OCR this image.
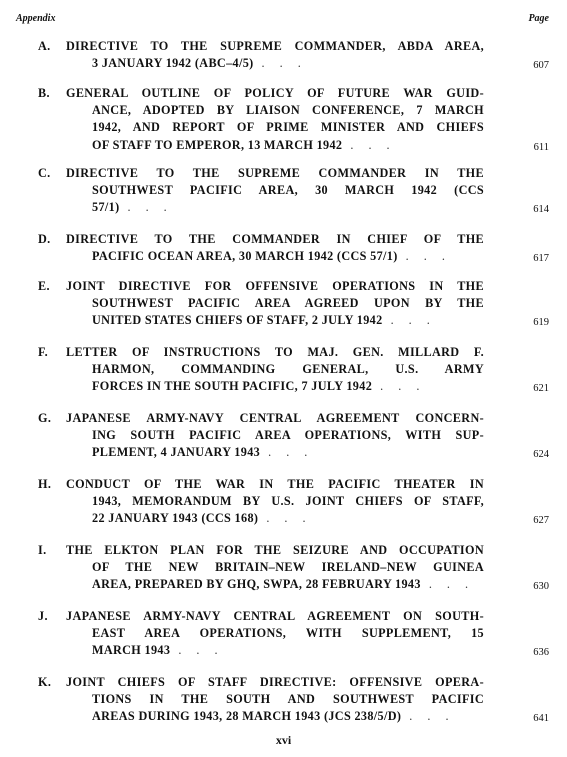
Appendix	Page
A.	DIRECTIVE TO THE SUPREME COMMANDER, ABDA AREA,
3 JANUARY 1942 (ABC–4/5) . . .	607
B.	GENERAL OUTLINE OF POLICY OF FUTURE WAR GUID-
ANCE, ADOPTED BY LIAISON CONFERENCE, 7 MARCH
1942, AND REPORT OF PRIME MINISTER AND CHIEFS
OF STAFF TO EMPEROR, 13 MARCH 1942 . . .	611
C.	DIRECTIVE TO THE SUPREME COMMANDER IN THE
SOUTHWEST PACIFIC AREA, 30 MARCH 1942 (CCS
57/1) . . .	614
D.	DIRECTIVE TO THE COMMANDER IN CHIEF OF THE
PACIFIC OCEAN AREA, 30 MARCH 1942 (CCS 57/1) . . .	617
E.	JOINT DIRECTIVE FOR OFFENSIVE OPERATIONS IN THE
SOUTHWEST PACIFIC AREA AGREED UPON BY THE
UNITED STATES CHIEFS OF STAFF, 2 JULY 1942 . . .	619
F.	LETTER OF INSTRUCTIONS TO MAJ. GEN. MILLARD F.
HARMON, COMMANDING GENERAL, U.S. ARMY
FORCES IN THE SOUTH PACIFIC, 7 JULY 1942 . . .	621
G.	JAPANESE ARMY-NAVY CENTRAL AGREEMENT CONCERN-
ING SOUTH PACIFIC AREA OPERATIONS, WITH SUP-
PLEMENT, 4 JANUARY 1943 . . .	624
H.	CONDUCT OF THE WAR IN THE PACIFIC THEATER IN
1943, MEMORANDUM BY U.S. JOINT CHIEFS OF STAFF,
22 JANUARY 1943 (CCS 168) . . .	627
I.	THE ELKTON PLAN FOR THE SEIZURE AND OCCUPATION
OF THE NEW BRITAIN–NEW IRELAND–NEW GUINEA
AREA, PREPARED BY GHQ, SWPA, 28 FEBRUARY 1943 . . .	630
J.	JAPANESE ARMY-NAVY CENTRAL AGREEMENT ON SOUTH-
EAST AREA OPERATIONS, WITH SUPPLEMENT, 15
MARCH 1943 . . .	636
K.	JOINT CHIEFS OF STAFF DIRECTIVE: OFFENSIVE OPERA-
TIONS IN THE SOUTH AND SOUTHWEST PACIFIC
AREAS DURING 1943, 28 MARCH 1943 (JCS 238/5/D) . . .	641
xvi
